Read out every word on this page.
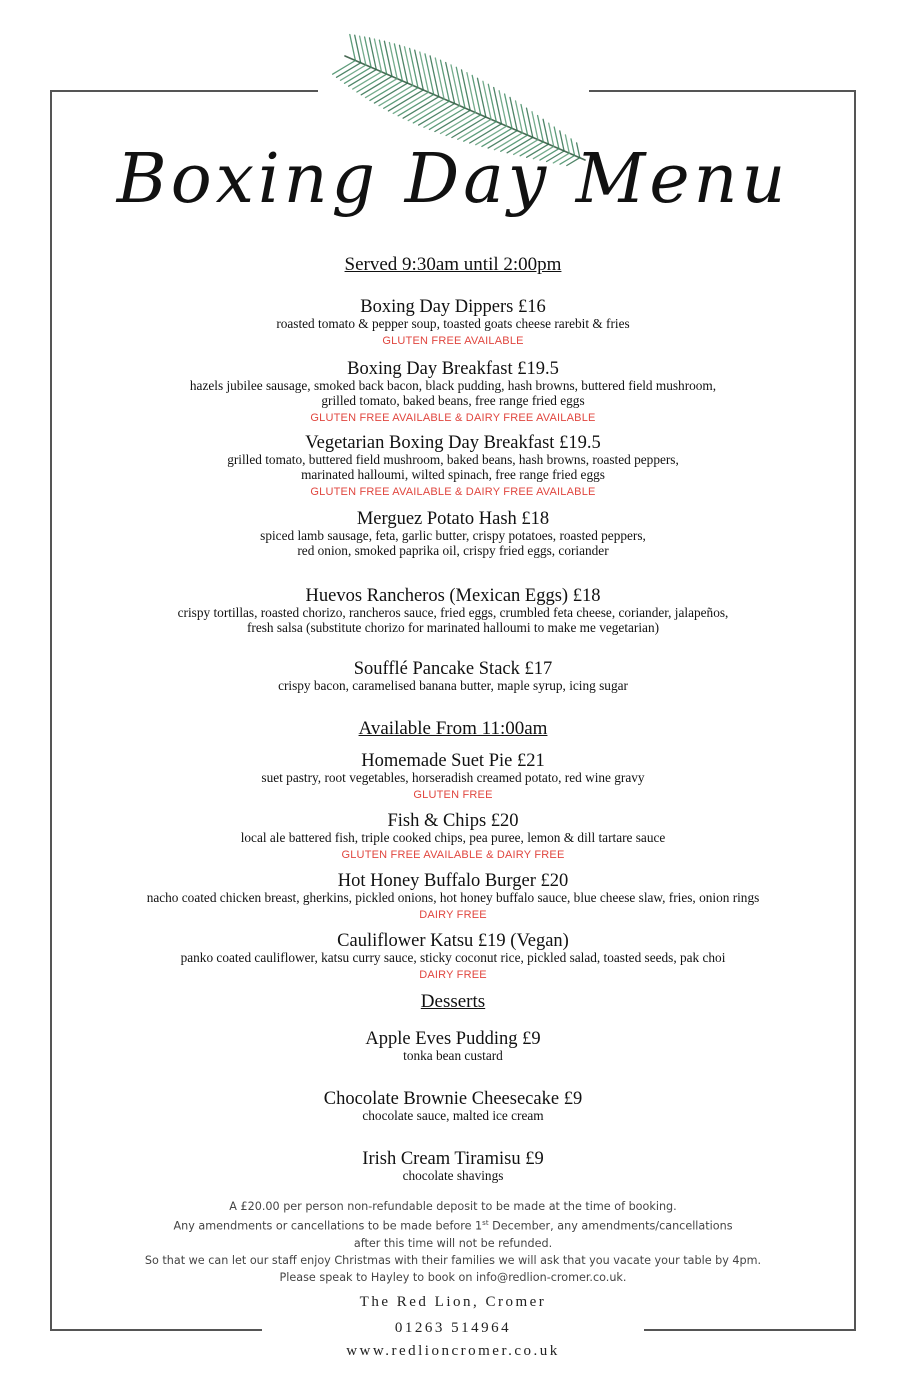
Boxing Day Menu
Served 9:30am until 2:00pm
Boxing Day Dippers £16
roasted tomato & pepper soup, toasted goats cheese rarebit & fries
GLUTEN FREE AVAILABLE
Boxing Day Breakfast £19.5
hazels jubilee sausage, smoked back bacon, black pudding, hash browns, buttered field mushroom,
grilled tomato, baked beans, free range fried eggs
GLUTEN FREE AVAILABLE & DAIRY FREE AVAILABLE
Vegetarian Boxing Day Breakfast £19.5
grilled tomato, buttered field mushroom, baked beans, hash browns, roasted peppers,
marinated halloumi, wilted spinach, free range fried eggs
GLUTEN FREE AVAILABLE & DAIRY FREE AVAILABLE
Merguez Potato Hash £18
spiced lamb sausage, feta, garlic butter, crispy potatoes, roasted peppers,
red onion, smoked paprika oil, crispy fried eggs, coriander
Huevos Rancheros (Mexican Eggs) £18
crispy tortillas, roasted chorizo, rancheros sauce, fried eggs, crumbled feta cheese, coriander, jalapeños,
fresh salsa (substitute chorizo for marinated halloumi to make me vegetarian)
Soufflé Pancake Stack £17
crispy bacon, caramelised banana butter, maple syrup, icing sugar
Available From 11:00am
Homemade Suet Pie £21
suet pastry, root vegetables, horseradish creamed potato, red wine gravy
GLUTEN FREE
Fish & Chips £20
local ale battered fish, triple cooked chips, pea puree, lemon & dill tartare sauce
GLUTEN FREE AVAILABLE & DAIRY FREE
Hot Honey Buffalo Burger £20
nacho coated chicken breast, gherkins, pickled onions, hot honey buffalo sauce, blue cheese slaw, fries, onion rings
DAIRY FREE
Cauliflower Katsu £19 (Vegan)
panko coated cauliflower, katsu curry sauce, sticky coconut rice, pickled salad, toasted seeds, pak choi
DAIRY FREE
Desserts
Apple Eves Pudding £9
tonka bean custard
Chocolate Brownie Cheesecake £9
chocolate sauce, malted ice cream
Irish Cream Tiramisu £9
chocolate shavings
A £20.00 per person non-refundable deposit to be made at the time of booking.
Any amendments or cancellations to be made before 1st December, any amendments/cancellations
after this time will not be refunded.
So that we can let our staff enjoy Christmas with their families we will ask that you vacate your table by 4pm.
Please speak to Hayley to book on info@redlion-cromer.co.uk.
The Red Lion, Cromer
01263 514964
www.redlioncromer.co.uk
